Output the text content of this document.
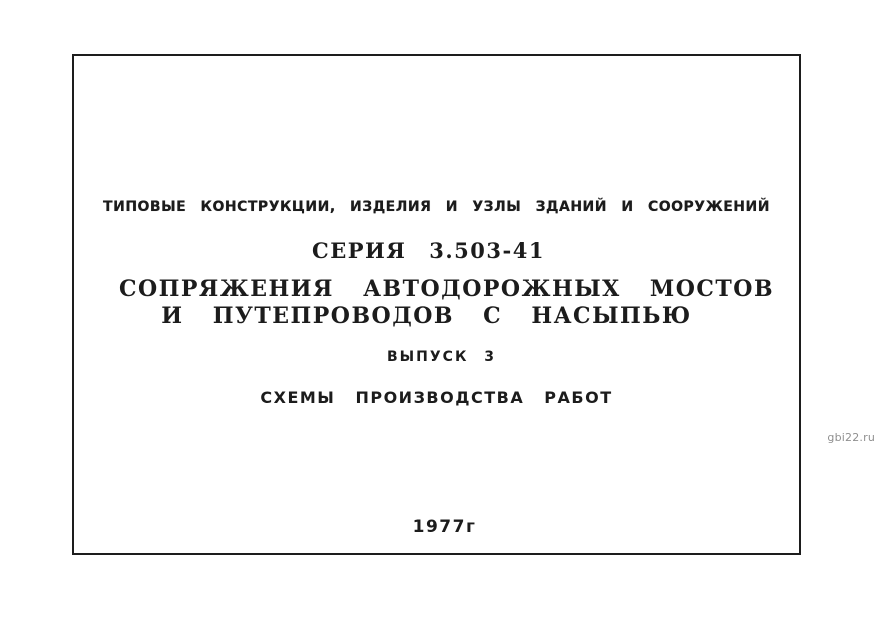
ТИПОВЫЕ КОНСТРУКЦИИ, ИЗДЕЛИЯ И УЗЛЫ ЗДАНИЙ И СООРУЖЕНИЙ
СЕРИЯ 3.503-41
СОПРЯЖЕНИЯ АВТОДОРОЖНЫХ МОСТОВ
И ПУТЕПРОВОДОВ С НАСЫПЬЮ
ВЫПУСК 3
СХЕМЫ ПРОИЗВОДСТВА РАБОТ
1977г
gbi22.ru
